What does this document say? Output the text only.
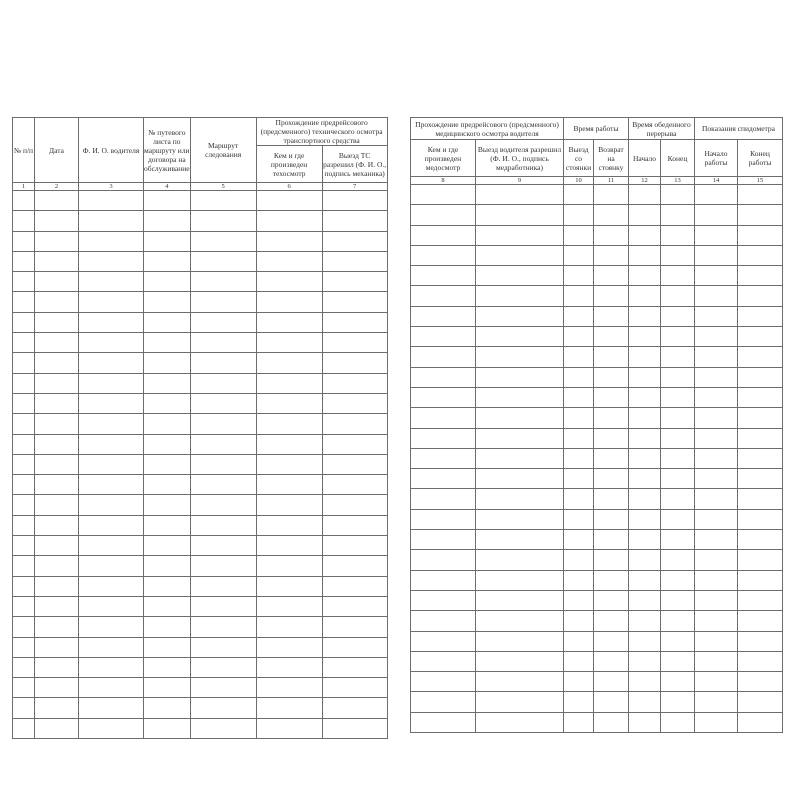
№ п/п	Дата	Ф. И. О. водителя	№ путевого листа по маршруту или договора на обслуживание	Маршрут следования	Прохождение предрейсового (предсменного) технического осмотра транспортного средства	
					Кем и где произведен техосмотр	Выезд ТС разрешил (Ф. И. О., подпись механика)
1	2	3	4	5	6	7

Прохождение предрейсового (предсменного) медицинского осмотра водителя		Время работы		Время обеденного перерыва		Показания спидометра	
Кем и где произведен медосмотр	Выезд водителя разрешил (Ф. И. О., подпись медработника)	Выезд со стоянки	Возврат на стоянку	Начало	Конец	Начало работы	Конец работы
8	9	10	11	12	13	14	15
